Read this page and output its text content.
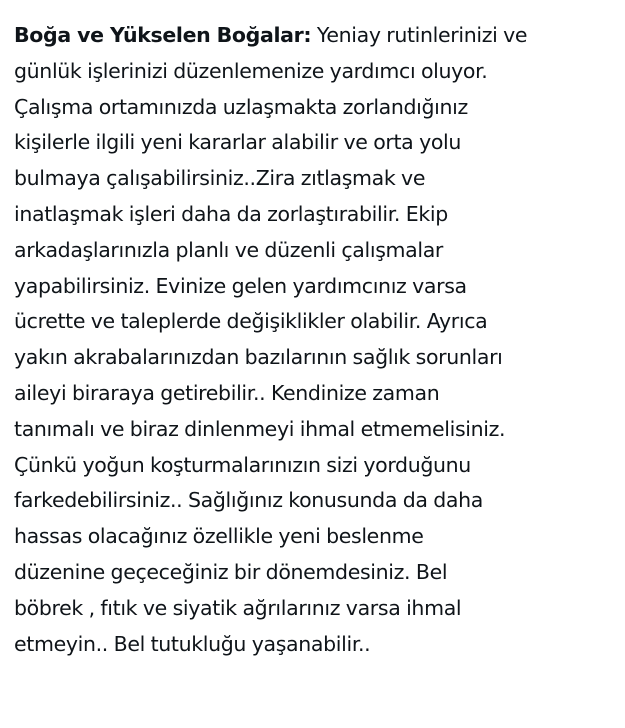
Boğa ve Yükselen Boğalar: Yeniay rutinlerinizi ve
günlük işlerinizi düzenlemenize yardımcı oluyor.
Çalışma ortamınızda uzlaşmakta zorlandığınız
kişilerle ilgili yeni kararlar alabilir ve orta yolu
bulmaya çalışabilirsiniz..Zira zıtlaşmak ve
inatlaşmak işleri daha da zorlaştırabilir. Ekip
arkadaşlarınızla planlı ve düzenli çalışmalar
yapabilirsiniz. Evinize gelen yardımcınız varsa
ücrette ve taleplerde değişiklikler olabilir. Ayrıca
yakın akrabalarınızdan bazılarının sağlık sorunları
aileyi biraraya getirebilir.. Kendinize zaman
tanımalı ve biraz dinlenmeyi ihmal etmemelisiniz.
Çünkü yoğun koşturmalarınızın sizi yorduğunu
farkedebilirsiniz.. Sağlığınız konusunda da daha
hassas olacağınız özellikle yeni beslenme
düzenine geçeceğiniz bir dönemdesiniz. Bel
böbrek , fıtık ve siyatik ağrılarınız varsa ihmal
etmeyin.. Bel tutukluğu yaşanabilir..
